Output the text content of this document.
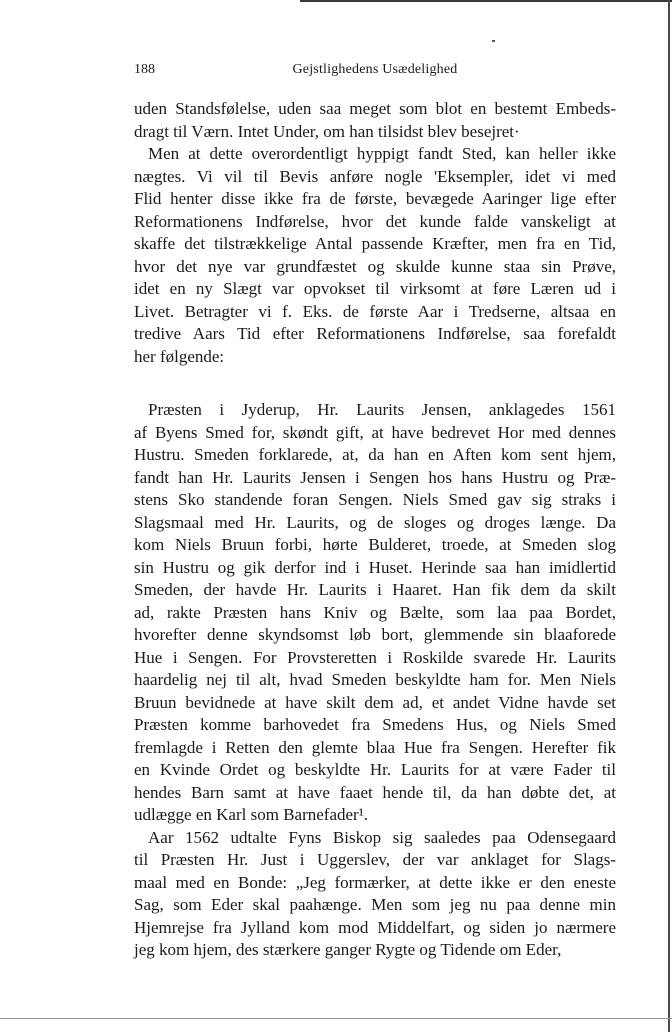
188	Gejstlighedens Usædelighed
uden Standsfølelse, uden saa meget som blot en bestemt Embeds-
dragt til Værn. Intet Under, om han tilsidst blev besejret·
Men at dette overordentligt hyppigt fandt Sted, kan heller ikke
nægtes. Vi vil til Bevis anføre nogle 'Eksempler, idet vi med
Flid henter disse ikke fra de første, bevægede Aaringer lige efter
Reformationens Indførelse, hvor det kunde falde vanskeligt at
skaffe det tilstrækkelige Antal passende Kræfter, men fra en Tid,
hvor det nye var grundfæstet og skulde kunne staa sin Prøve,
idet en ny Slægt var opvokset til virksomt at føre Læren ud i
Livet. Betragter vi f. Eks. de første Aar i Tredserne, altsaa en
tredive Aars Tid efter Reformationens Indførelse, saa forefaldt
her følgende:
Præsten i Jyderup, Hr. Laurits Jensen, anklagedes 1561
af Byens Smed for, skøndt gift, at have bedrevet Hor med dennes
Hustru. Smeden forklarede, at, da han en Aften kom sent hjem,
fandt han Hr. Laurits Jensen i Sengen hos hans Hustru og Præ-
stens Sko standende foran Sengen. Niels Smed gav sig straks i
Slagsmaal med Hr. Laurits, og de sloges og droges længe. Da
kom Niels Bruun forbi, hørte Bulderet, troede, at Smeden slog
sin Hustru og gik derfor ind i Huset. Herinde saa han imidlertid
Smeden, der havde Hr. Laurits i Haaret. Han fik dem da skilt
ad, rakte Præsten hans Kniv og Bælte, som laa paa Bordet,
hvorefter denne skyndsomst løb bort, glemmende sin blaaforede
Hue i Sengen. For Provsteretten i Roskilde svarede Hr. Laurits
haardelig nej til alt, hvad Smeden beskyldte ham for. Men Niels
Bruun bevidnede at have skilt dem ad, et andet Vidne havde set
Præsten komme barhovedet fra Smedens Hus, og Niels Smed
fremlagde i Retten den glemte blaa Hue fra Sengen. Herefter fik
en Kvinde Ordet og beskyldte Hr. Laurits for at være Fader til
hendes Barn samt at have faaet hende til, da han døbte det, at
udlægge en Karl som Barnefader¹.
Aar 1562 udtalte Fyns Biskop sig saaledes paa Odensegaard
til Præsten Hr. Just i Uggerslev, der var anklaget for Slags-
maal med en Bonde: „Jeg formærker, at dette ikke er den eneste
Sag, som Eder skal paahænge. Men som jeg nu paa denne min
Hjemrejse fra Jylland kom mod Middelfart, og siden jo nærmere
jeg kom hjem, des stærkere ganger Rygte og Tidende om Eder,
